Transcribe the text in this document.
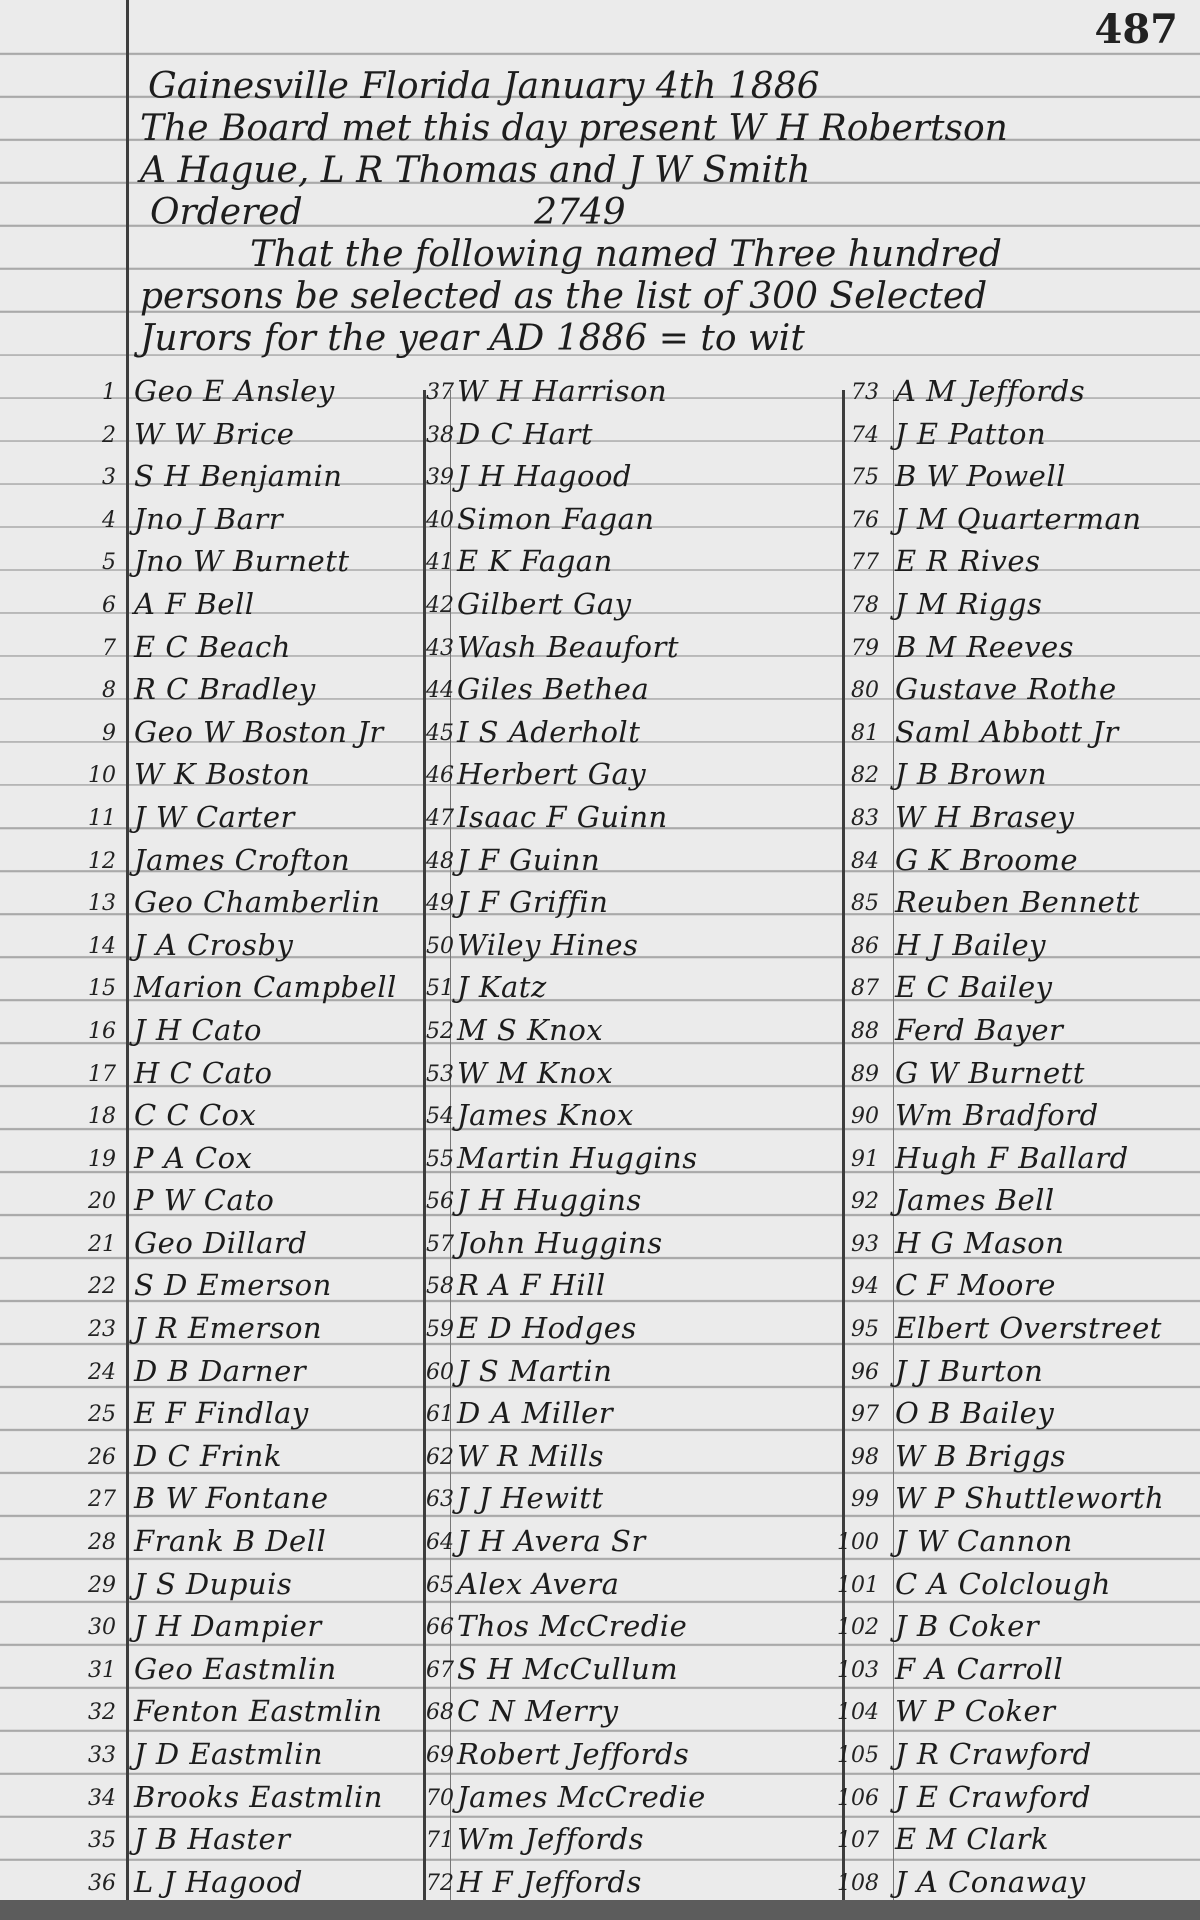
487
Gainesville Florida January 4th 1886
The Board met this day present W H Robertson
A Hague, L R Thomas and J W Smith
Ordered	2749
That the following named Three hundred
persons be selected as the list of 300 Selected
Jurors for the year AD 1886 = to wit
1 Geo E Ansley
2 W W Brice
3 S H Benjamin
4 Jno J Barr
5 Jno W Burnett
6 A F Bell
7 E C Beach
8 R C Bradley
9 Geo W Boston Jr
10 W K Boston
11 J W Carter
12 James Crofton
13 Geo Chamberlin
14 J A Crosby
15 Marion Campbell
16 J H Cato
17 H C Cato
18 C C Cox
19 P A Cox
20 P W Cato
21 Geo Dillard
22 S D Emerson
23 J R Emerson
24 D B Darner
25 E F Findlay
26 D C Frink
27 B W Fontane
28 Frank B Dell
29 J S Dupuis
30 J H Dampier
31 Geo Eastmlin
32 Fenton Eastmlin
33 J D Eastmlin
34 Brooks Eastmlin
35 J B Haster
36 L J Hagood
37 W H Harrison
38 D C Hart
39 J H Hagood
40 Simon Fagan
41 E K Fagan
42 Gilbert Gay
43 Wash Beaufort
44 Giles Bethea
45 I S Aderholt
46 Herbert Gay
47 Isaac F Guinn
48 J F Guinn
49 J F Griffin
50 Wiley Hines
51 J Katz
52 M S Knox
53 W M Knox
54 James Knox
55 Martin Huggins
56 J H Huggins
57 John Huggins
58 R A F Hill
59 E D Hodges
60 J S Martin
61 D A Miller
62 W R Mills
63 J J Hewitt
64 J H Avera Sr
65 Alex Avera
66 Thos McCredie
67 S H McCullum
68 C N Merry
69 Robert Jeffords
70 James McCredie
71 Wm Jeffords
72 H F Jeffords
73 A M Jeffords
74 J E Patton
75 B W Powell
76 J M Quarterman
77 E R Rives
78 J M Riggs
79 B M Reeves
80 Gustave Rothe
81 Saml Abbott Jr
82 J B Brown
83 W H Brasey
84 G K Broome
85 Reuben Bennett
86 H J Bailey
87 E C Bailey
88 Ferd Bayer
89 G W Burnett
90 Wm Bradford
91 Hugh F Ballard
92 James Bell
93 H G Mason
94 C F Moore
95 Elbert Overstreet
96 J J Burton
97 O B Bailey
98 W B Briggs
99 W P Shuttleworth
100 J W Cannon
101 C A Colclough
102 J B Coker
103 F A Carroll
104 W P Coker
105 J R Crawford
106 J E Crawford
107 E M Clark
108 J A Conaway
